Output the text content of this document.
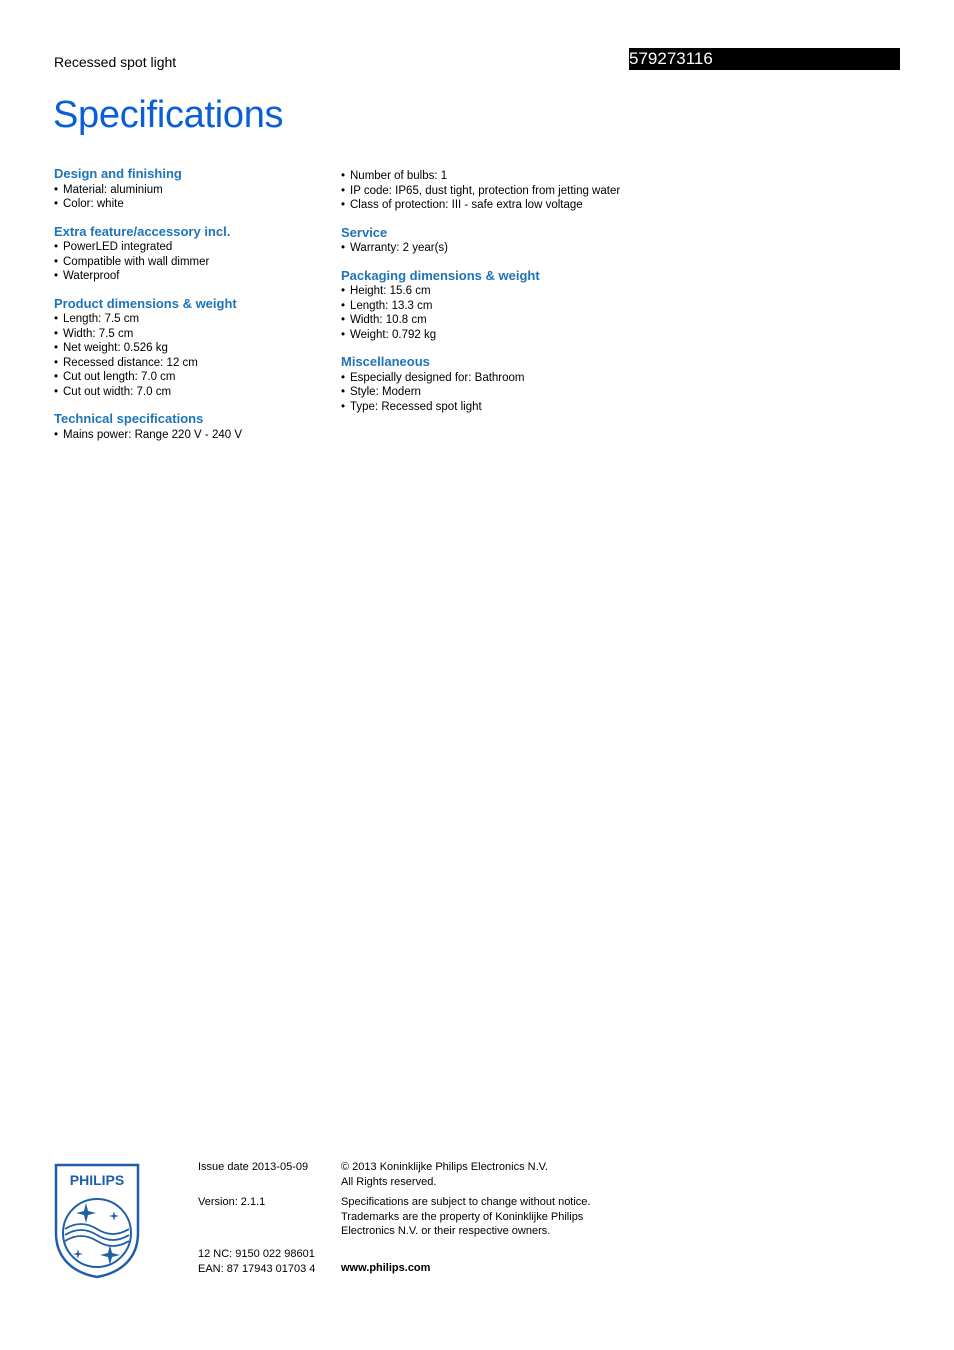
Recessed spot light	579273116
Specifications
Design and finishing
• Material: aluminium
• Color: white
Extra feature/accessory incl.
• PowerLED integrated
• Compatible with wall dimmer
• Waterproof
Product dimensions & weight
• Length: 7.5 cm
• Width: 7.5 cm
• Net weight: 0.526 kg
• Recessed distance: 12 cm
• Cut out length: 7.0 cm
• Cut out width: 7.0 cm
Technical specifications
• Mains power: Range 220 V - 240 V
• Number of bulbs: 1
• IP code: IP65, dust tight, protection from jetting water
• Class of protection: III - safe extra low voltage
Service
• Warranty: 2 year(s)
Packaging dimensions & weight
• Height: 15.6 cm
• Length: 13.3 cm
• Width: 10.8 cm
• Weight: 0.792 kg
Miscellaneous
• Especially designed for: Bathroom
• Style: Modern
• Type: Recessed spot light
PHILIPS
Issue date 2013-05-09
Version: 2.1.1
12 NC: 9150 022 98601
EAN: 87 17943 01703 4
© 2013 Koninklijke Philips Electronics N.V.
All Rights reserved.
Specifications are subject to change without notice.
Trademarks are the property of Koninklijke Philips
Electronics N.V. or their respective owners.
www.philips.com
